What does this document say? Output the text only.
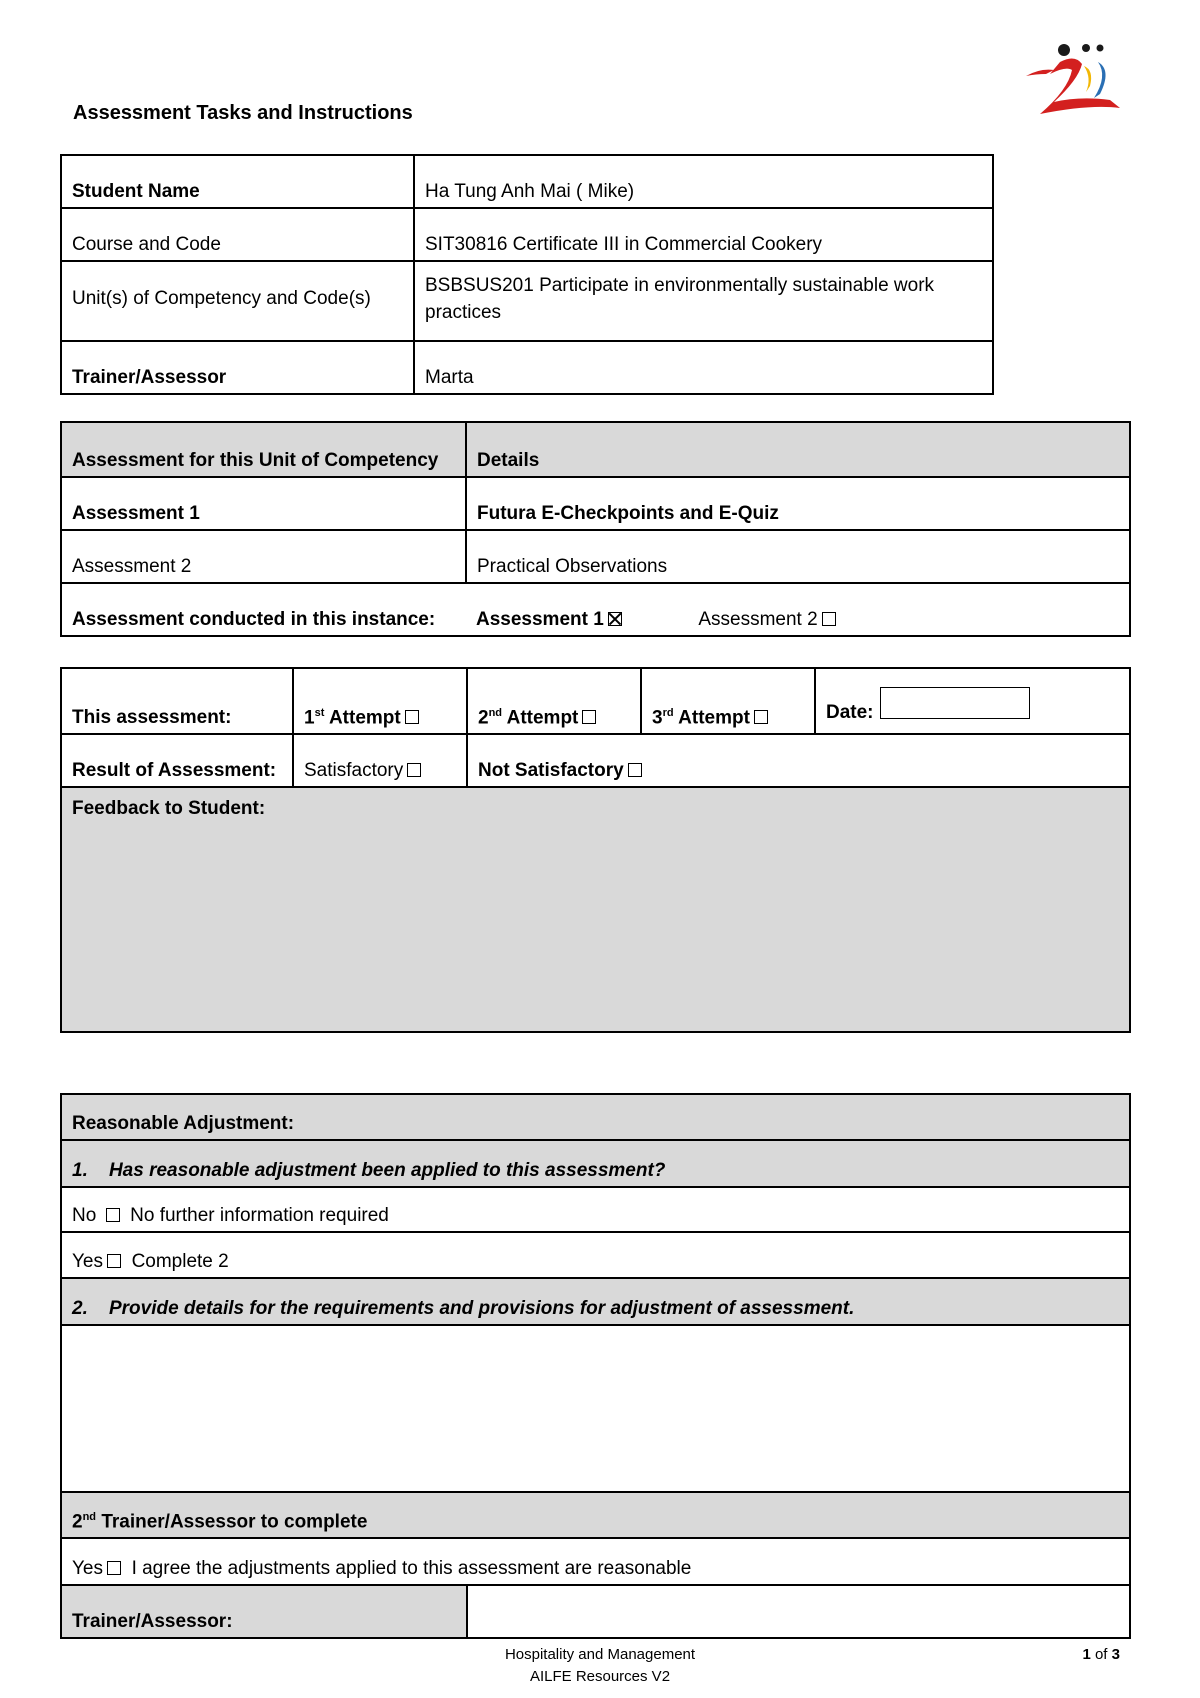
Assessment Tasks and Instructions
Student Name	Ha Tung Anh Mai ( Mike)
Course and Code	SIT30816 Certificate III in Commercial Cookery
Unit(s) of Competency and Code(s)	BSBSUS201 Participate in environmentally sustainable work practices
Trainer/Assessor	Marta
Assessment for this Unit of Competency	Details
Assessment 1	Futura E-Checkpoints and E-Quiz
Assessment 2	Practical Observations
Assessment conducted in this instance:	Assessment 1 Assessment 2
This assessment:	1st Attempt	2nd Attempt	3rd Attempt	Date:
Result of Assessment:	Satisfactory	Not Satisfactory		
Feedback to Student:				
Reasonable Adjustment:
1.    Has reasonable adjustment been applied to this assessment?
No No further information required
Yes Complete 2
2.    Provide details for the requirements and provisions for adjustment of assessment.

2nd Trainer/Assessor to complete
Yes I agree the adjustments applied to this assessment are reasonable
Trainer/Assessor:	
Hospitality and Management
AILFE Resources V2
1 of 3
